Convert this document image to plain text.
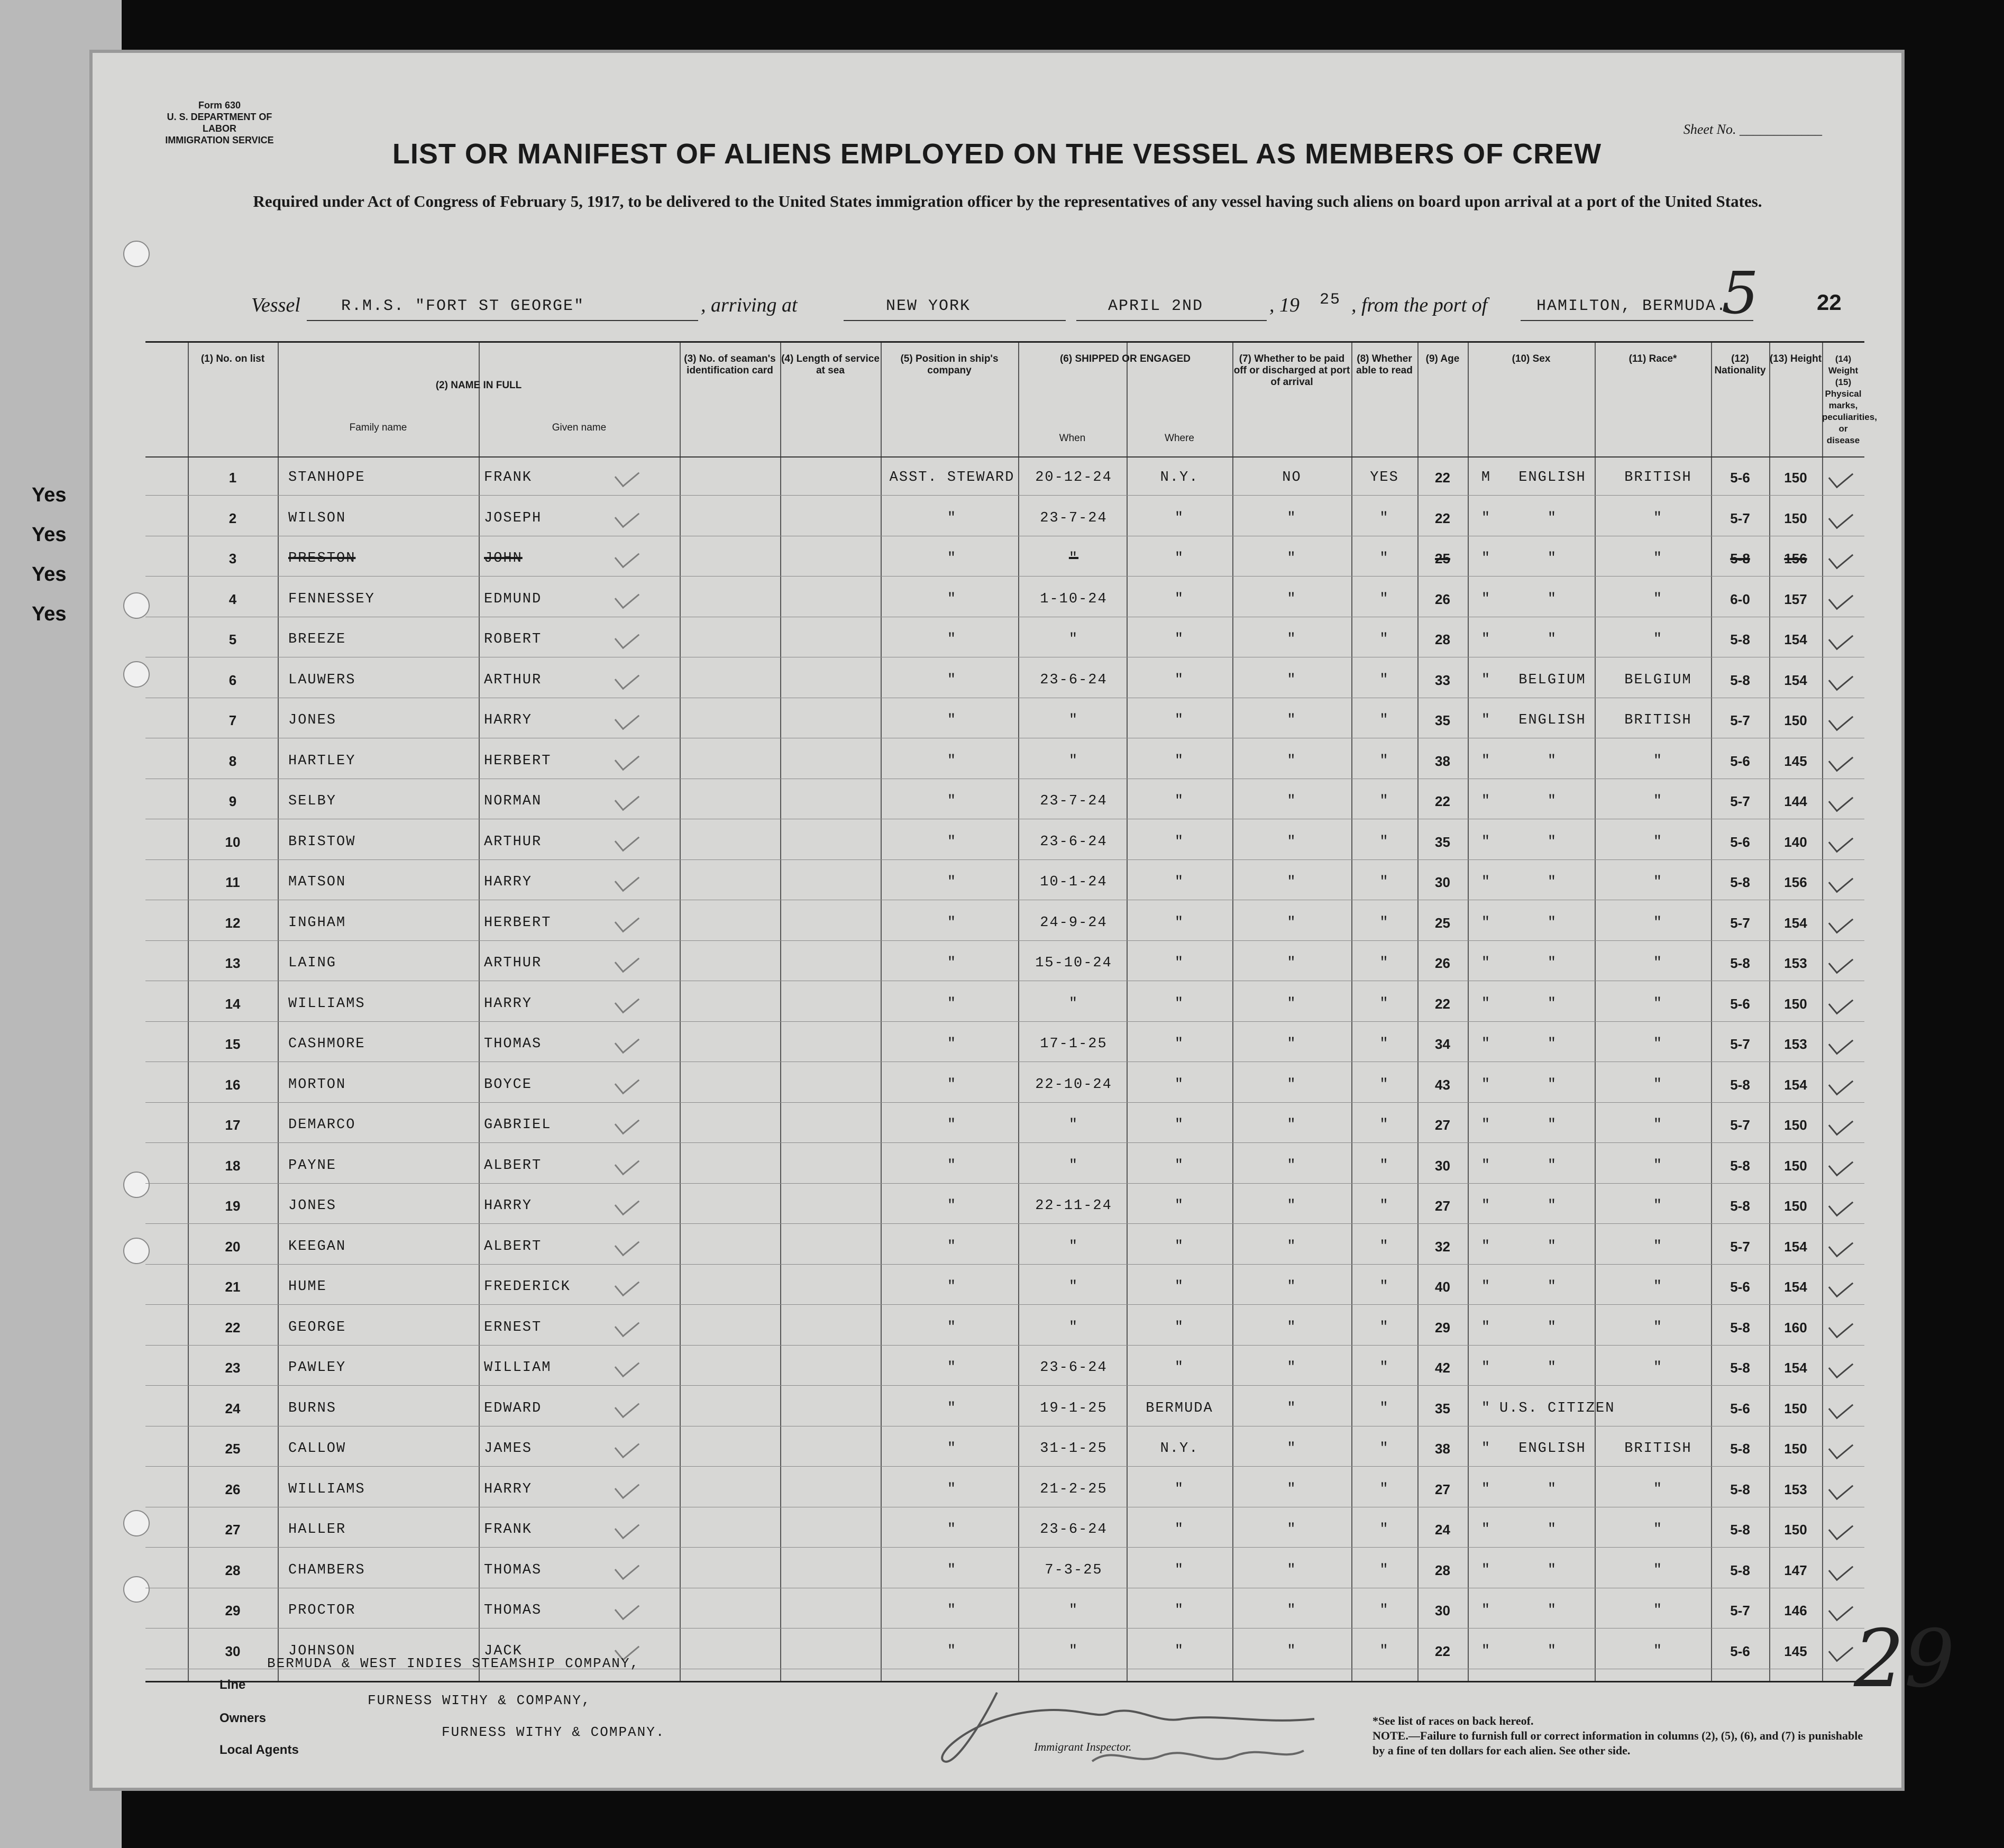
Yes
Yes
Yes
Yes
Form 630
U. S. DEPARTMENT OF LABOR
IMMIGRATION SERVICE
Sheet No. ____________
LIST OR MANIFEST OF ALIENS EMPLOYED ON THE VESSEL AS MEMBERS OF CREW
Required under Act of Congress of February 5, 1917, to be delivered to the United States immigration officer by the representatives of any vessel having such aliens on board upon arrival at a port of the United States.
5
Vessel	R.M.S. "FORT ST GEORGE"	, arriving at	NEW YORK	APRIL 2ND	, 19 25 , from the port of	HAMILTON, BERMUDA.	22
(1) No. on list
(2) NAME IN FULL
Family name	Given name
(3) No. of seaman's identification card
(4) Length of service at sea
(5) Position in ship's company
(6) SHIPPED OR ENGAGED
When	Where
(7) Whether to be paid off or discharged at port of arrival
(8) Whether able to read
(9) Age	(10) Sex	(11) Race*	(12) Nationality
(13) Height	(14) Weight
(15) Physical marks, peculiarities, or disease
1	STANHOPE	FRANK	ASST. STEWARD	20-12-24	N.Y.	NO	YES	22	M	ENGLISH	BRITISH	5-6	150
2	WILSON	JOSEPH	"	23-7-24	"	"	"	22	"	"	"	5-7	150
3	PRESTON	JOHN	"	"	"	"	"	25	"	"	"	5-8	156
4	FENNESSEY	EDMUND	"	1-10-24	"	"	"	26	"	"	"	6-0	157
5	BREEZE	ROBERT	"	"	"	"	"	28	"	"	"	5-8	154
6	LAUWERS	ARTHUR	"	23-6-24	"	"	"	33	"	BELGIUM	BELGIUM	5-8	154
7	JONES	HARRY	"	"	"	"	"	35	"	ENGLISH	BRITISH	5-7	150
8	HARTLEY	HERBERT	"	"	"	"	"	38	"	"	"	5-6	145
9	SELBY	NORMAN	"	23-7-24	"	"	"	22	"	"	"	5-7	144
10	BRISTOW	ARTHUR	"	23-6-24	"	"	"	35	"	"	"	5-6	140
11	MATSON	HARRY	"	10-1-24	"	"	"	30	"	"	"	5-8	156
12	INGHAM	HERBERT	"	24-9-24	"	"	"	25	"	"	"	5-7	154
13	LAING	ARTHUR	"	15-10-24	"	"	"	26	"	"	"	5-8	153
14	WILLIAMS	HARRY	"	"	"	"	"	22	"	"	"	5-6	150
15	CASHMORE	THOMAS	"	17-1-25	"	"	"	34	"	"	"	5-7	153
16	MORTON	BOYCE	"	22-10-24	"	"	"	43	"	"	"	5-8	154
17	DEMARCO	GABRIEL	"	"	"	"	"	27	"	"	"	5-7	150
18	PAYNE	ALBERT	"	"	"	"	"	30	"	"	"	5-8	150
19	JONES	HARRY	"	22-11-24	"	"	"	27	"	"	"	5-8	150
20	KEEGAN	ALBERT	"	"	"	"	"	32	"	"	"	5-7	154
21	HUME	FREDERICK	"	"	"	"	"	40	"	"	"	5-6	154
22	GEORGE	ERNEST	"	"	"	"	"	29	"	"	"	5-8	160
23	PAWLEY	WILLIAM	"	23-6-24	"	"	"	42	"	"	"	5-8	154
24	BURNS	EDWARD	"	19-1-25	BERMUDA	"	"	35	" U.S. CITIZEN	5-6	150
25	CALLOW	JAMES	"	31-1-25	N.Y.	"	"	38	"	ENGLISH	BRITISH	5-8	150
26	WILLIAMS	HARRY	"	21-2-25	"	"	"	27	"	"	"	5-8	153
27	HALLER	FRANK	"	23-6-24	"	"	"	24	"	"	"	5-8	150
28	CHAMBERS	THOMAS	"	7-3-25	"	"	"	28	"	"	"	5-8	147
29	PROCTOR	THOMAS	"	"	"	"	"	30	"	"	"	5-7	146
30	JOHNSON	JACK	"	"	"	"	"	22	"	"	"	5-6	145
Line
BERMUDA & WEST INDIES STEAMSHIP COMPANY,
Owners
FURNESS WITHY & COMPANY,
Local Agents
FURNESS WITHY & COMPANY.
Immigrant Inspector.
*See list of races on back hereof.
NOTE.—Failure to furnish full or correct information in columns (2), (5), (6), and (7) is punishable by a fine of ten dollars for each alien. See other side.
29
